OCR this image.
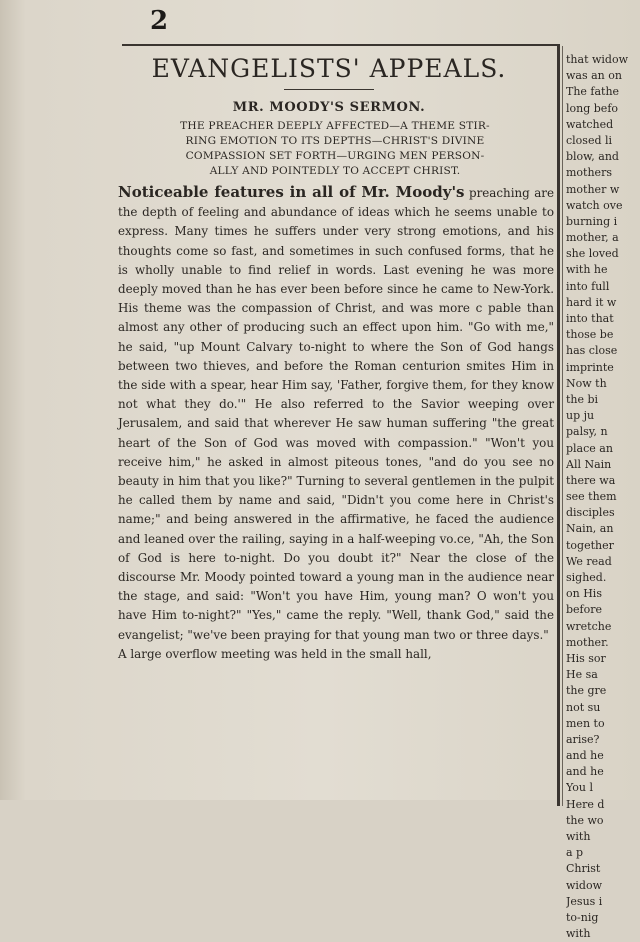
2
EVANGELISTS' APPEALS.
MR. MOODY'S SERMON.
THE PREACHER DEEPLY AFFECTED—A THEME STIR-
RING EMOTION TO ITS DEPTHS—CHRIST'S DIVINE
COMPASSION SET FORTH—URGING MEN PERSON-
ALLY AND POINTEDLY TO ACCEPT CHRIST.

Noticeable features in all of Mr. Moody's preaching are the depth of feeling and abundance of ideas which he seems unable to express. Many times he suffers under very strong emotions, and his thoughts come so fast, and sometimes in such confused forms, that he is wholly unable to find relief in words. Last evening he was more deeply moved than he has ever been before since he came to New-York. His theme was the compassion of Christ, and was more c pable than almost any other of producing such an effect upon him. "Go with me," he said, "up Mount Calvary to-night to where the Son of God hangs between two thieves, and before the Roman centurion smites Him in the side with a spear, hear Him say, 'Father, forgive them, for they know not what they do.'" He also referred to the Savior weeping over Jerusalem, and said that wherever He saw human suffering "the great heart of the Son of God was moved with compassion." "Won't you receive him," he asked in almost piteous tones, "and do you see no beauty in him that you like?" Turning to several gentlemen in the pulpit he called them by name and said, "Didn't you come here in Christ's name;" and being answered in the affirmative, he faced the audience and leaned over the railing, saying in a half-weeping vo.ce, "Ah, the Son of God is here to-night. Do you doubt it?" Near the close of the discourse Mr. Moody pointed toward a young man in the audience near the stage, and said: "Won't you have Him, young man? O won't you have Him to-night?" "Yes," came the reply. "Well, thank God," said the evangelist; "we've been praying for that young man two or three days."

A large overflow meeting was held in the small hall,

that widow
was an on
The fathe
long befo
watched
closed li
blow, and
mothers
mother w
watch ove
burning i
mother, a
she loved
with he
into full
hard it w
into that
those be
has close
imprinte
Now th
the bi
up ju
palsy, n
place an
All Nain
there wa
see them
disciples
Nain, an
together
We read
sighed.
on His
before
wretche
mother.
His sor
He sa
the gre
not su
men to
arise?
and he
and he
You l
Here d
the wo
with
a p
Christ
widow
Jesus i
to-nig
with
